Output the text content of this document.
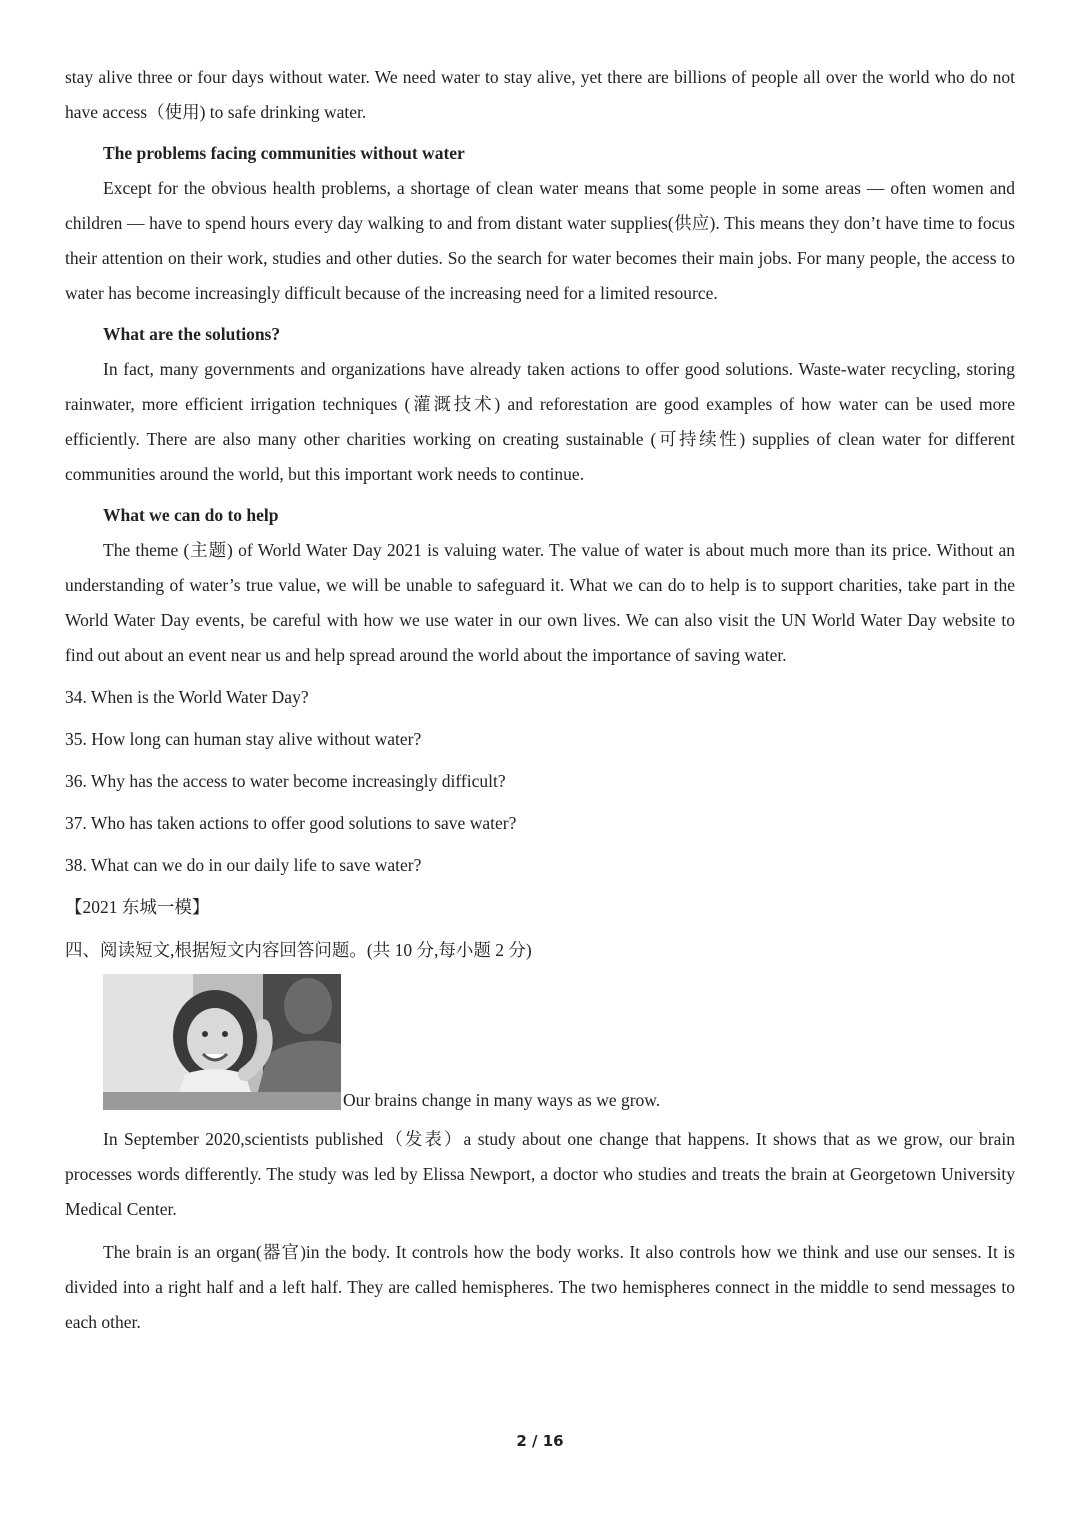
stay alive three or four days without water. We need water to stay alive, yet there are billions of people all over the world who do not have access（使用) to safe drinking water.

The problems facing communities without water

Except for the obvious health problems, a shortage of clean water means that some people in some areas — often women and children — have to spend hours every day walking to and from distant water supplies(供应). This means they don’t have time to focus their attention on their work, studies and other duties. So the search for water becomes their main jobs. For many people, the access to water has become increasingly difficult because of the increasing need for a limited resource.

What are the solutions?

In fact, many governments and organizations have already taken actions to offer good solutions. Waste-water recycling, storing rainwater, more efficient irrigation techniques (灌溉技术) and reforestation are good examples of how water can be used more efficiently. There are also many other charities working on creating sustainable (可持续性) supplies of clean water for different communities around the world, but this important work needs to continue.

What we can do to help

The theme (主题) of World Water Day 2021 is valuing water. The value of water is about much more than its price. Without an understanding of water’s true value, we will be unable to safeguard it. What we can do to help is to support charities, take part in the World Water Day events, be careful with how we use water in our own lives. We can also visit the UN World Water Day website to find out about an event near us and help spread around the world about the importance of saving water.

34. When is the World Water Day?

35. How long can human stay alive without water?

36. Why has the access to water become increasingly difficult?

37. Who has taken actions to offer good solutions to save water?

38. What can we do in our daily life to save water?

【2021 东城一模】

四、阅读短文,根据短文内容回答问题。(共 10 分,每小题 2 分)

Our brains change in many ways as we grow.

In September 2020,scientists published（发表）a study about one change that happens. It shows that as we grow, our brain processes words differently. The study was led by Elissa Newport, a doctor who studies and treats the brain at Georgetown University Medical Center.

The brain is an organ(器官)in the body. It controls how the body works. It also controls how we think and use our senses. It is divided into a right half and a left half. They are called hemispheres. The two hemispheres connect in the middle to send messages to each other.

2 / 16
